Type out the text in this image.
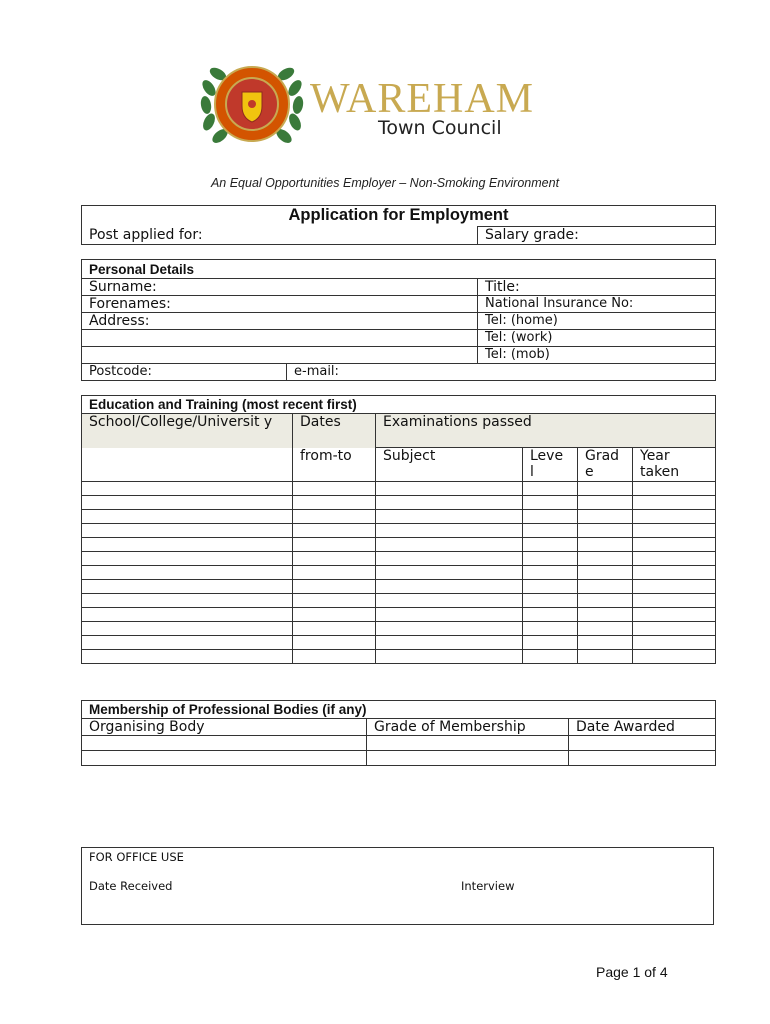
WAREHAM
Town Council
An Equal Opportunities Employer – Non-Smoking Environment
Application for Employment
Post applied for:	Salary grade:
Personal Details		
Surname:		Title:
Forenames:		National Insurance No:
Address:		Tel: (home)
		Tel: (work)
		Tel: (mob)
Postcode:	e-mail:	
Education and Training (most recent first)					
School/College/Universit y	Dates	Examinations passed			
	from-to	Subject	Leve l	Grad e	Year taken

Membership of Professional Bodies (if any)		
Organising Body	Grade of Membership	Date Awarded

FOR OFFICE USE
Date Received	Interview
Page 1 of 4
